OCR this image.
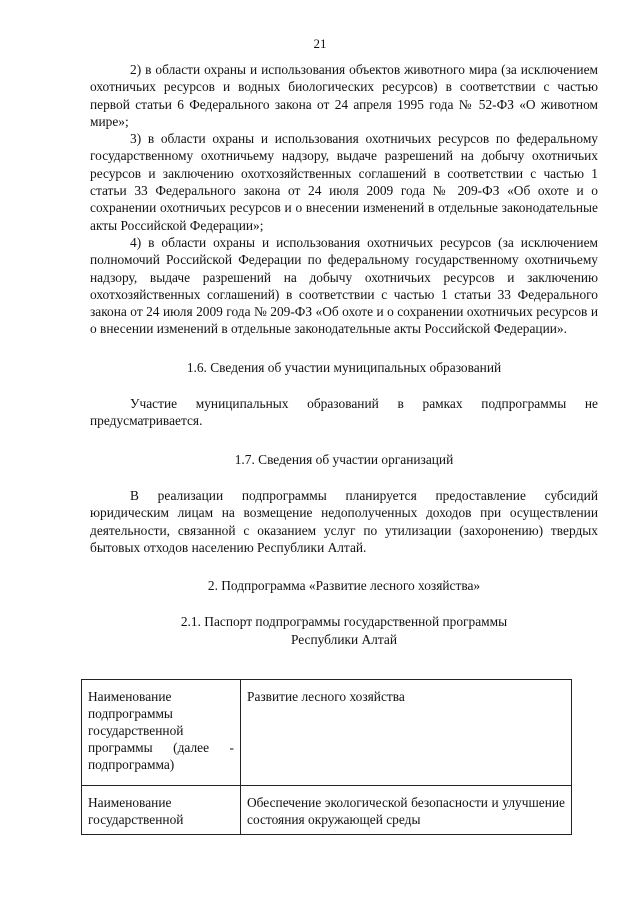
21

2) в области охраны и использования объектов животного мира (за исключением охотничьих ресурсов и водных биологических ресурсов) в соответствии с частью первой статьи 6 Федерального закона от 24 апреля 1995 года № 52-ФЗ «О животном мире»;

3) в области охраны и использования охотничьих ресурсов по федеральному государственному охотничьему надзору, выдаче разрешений на добычу охотничьих ресурсов и заключению охотхозяйственных соглашений в соответствии с частью 1 статьи 33 Федерального закона от 24 июля 2009 года № 209-ФЗ «Об охоте и о сохранении охотничьих ресурсов и о внесении изменений в отдельные законодательные акты Российской Федерации»;

4) в области охраны и использования охотничьих ресурсов (за исключением полномочий Российской Федерации по федеральному государственному охотничьему надзору, выдаче разрешений на добычу охотничьих ресурсов и заключению охотхозяйственных соглашений) в соответствии с частью 1 статьи 33 Федерального закона от 24 июля 2009 года № 209-ФЗ «Об охоте и о сохранении охотничьих ресурсов и о внесении изменений в отдельные законодательные акты Российской Федерации».

1.6. Сведения об участии муниципальных образований

Участие муниципальных образований в рамках подпрограммы не предусматривается.

1.7. Сведения об участии организаций

В реализации подпрограммы планируется предоставление субсидий юридическим лицам на возмещение недополученных доходов при осуществлении деятельности, связанной с оказанием услуг по утилизации (захоронению) твердых бытовых отходов населению Республики Алтай.

2. Подпрограмма «Развитие лесного хозяйства»

2.1. Паспорт подпрограммы государственной программы

Республики Алтай

Наименование подпрограммы государственной программы (далее - подпрограмма)	Развитие лесного хозяйства
Наименование государственной	Обеспечение экологической безопасности и улучшение состояния окружающей среды
